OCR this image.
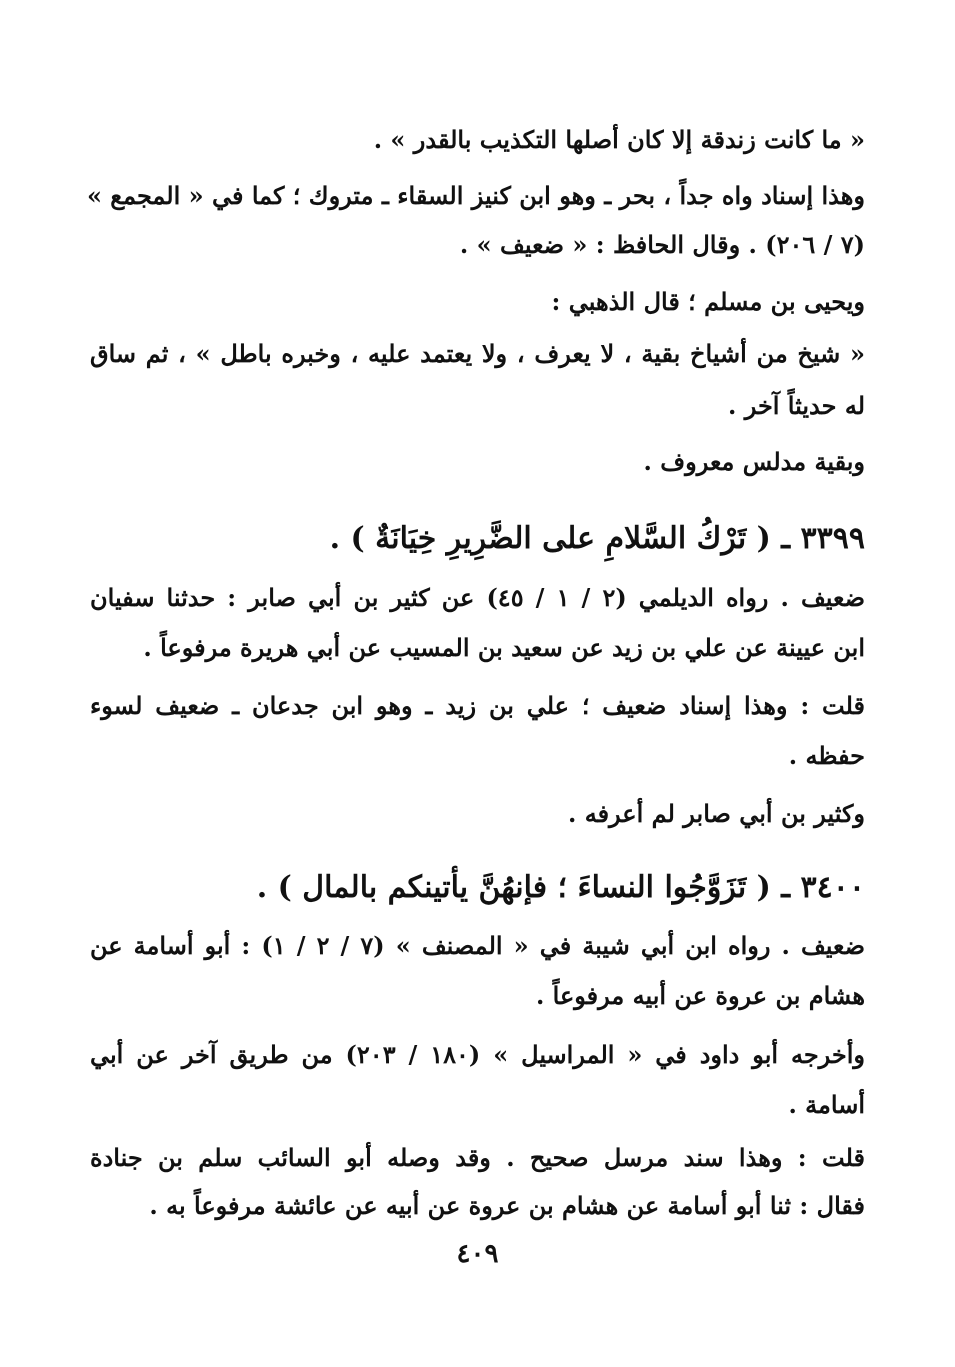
« ما كانت زندقة إلا كان أصلها التكذيب بالقدر » .
وهذا إسناد واه جداً ، بحر ـ وهو ابن كنيز السقاء ـ متروك ؛ كما في « المجمع »
(٧ / ٢٠٦) . وقال الحافظ : « ضعيف » .
ويحيى بن مسلم ؛ قال الذهبي :
« شيخ من أشياخ بقية ، لا يعرف ، ولا يعتمد عليه ، وخبره باطل » ، ثم ساق
له حديثاً آخر .
وبقية مدلس معروف .
٣٣٩٩ ـ ( تَرْكُ السَّلامِ على الضَّرِيرِ خِيَانَةٌ ) .
ضعيف . رواه الديلمي (٢ / ١ / ٤٥) عن كثير بن أبي صابر : حدثنا سفيان
ابن عيينة عن علي بن زيد عن سعيد بن المسيب عن أبي هريرة مرفوعاً .
قلت : وهذا إسناد ضعيف ؛ علي بن زيد ـ وهو ابن جدعان ـ ضعيف لسوء
حفظه .
وكثير بن أبي صابر لم أعرفه .
٣٤٠٠ ـ ( تَزَوَّجُوا النساءَ ؛ فإنهُنَّ يأتينكم بالمال ) .
ضعيف . رواه ابن أبي شيبة في « المصنف » (٧ / ٢ / ١) : أبو أسامة عن
هشام بن عروة عن أبيه مرفوعاً .
وأخرجه أبو داود في « المراسيل » (١٨٠ / ٢٠٣) من طريق آخر عن أبي
أسامة .
قلت : وهذا سند مرسل صحيح . وقد وصله أبو السائب سلم بن جنادة
فقال : ثنا أبو أسامة عن هشام بن عروة عن أبيه عن عائشة مرفوعاً به .
٤٠٩
